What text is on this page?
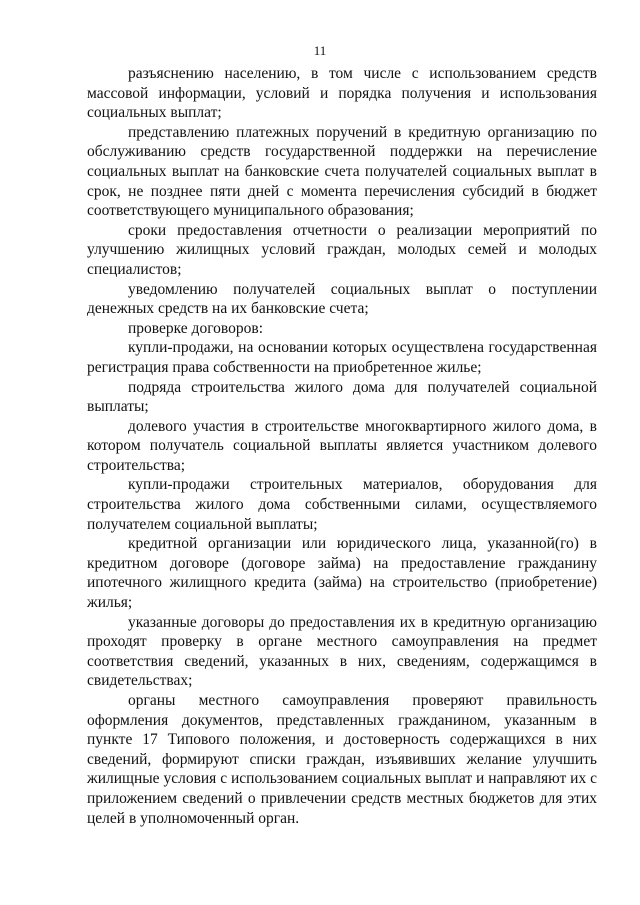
11

разъяснению населению, в том числе с использованием средств массовой информации, условий и порядка получения и использования социальных выплат;

представлению платежных поручений в кредитную организацию по обслуживанию средств государственной поддержки на перечисление социальных выплат на банковские счета получателей социальных выплат в срок, не позднее пяти дней с момента перечисления субсидий в бюджет соответствующего муниципального образования;

сроки предоставления отчетности о реализации мероприятий по улучшению жилищных условий граждан, молодых семей и молодых специалистов;

уведомлению получателей социальных выплат о поступлении денежных средств на их банковские счета;

проверке договоров:

купли-продажи, на основании которых осуществлена государственная регистрация права собственности на приобретенное жилье;

подряда строительства жилого дома для получателей социальной выплаты;

долевого участия в строительстве многоквартирного жилого дома, в котором получатель социальной выплаты является участником долевого строительства;

купли-продажи строительных материалов, оборудования для строительства жилого дома собственными силами, осуществляемого получателем социальной выплаты;

кредитной организации или юридического лица, указанной(го) в кредитном договоре (договоре займа) на предоставление гражданину ипотечного жилищного кредита (займа) на строительство (приобретение) жилья;

указанные договоры до предоставления их в кредитную организацию проходят проверку в органе местного самоуправления на предмет соответствия сведений, указанных в них, сведениям, содержащимся в свидетельствах;

органы местного самоуправления проверяют правильность оформления документов, представленных гражданином, указанным в пункте 17 Типового положения, и достоверность содержащихся в них сведений, формируют списки граждан, изъявивших желание улучшить жилищные условия с использованием социальных выплат и направляют их с приложением сведений о привлечении средств местных бюджетов для этих целей в уполномоченный орган.
